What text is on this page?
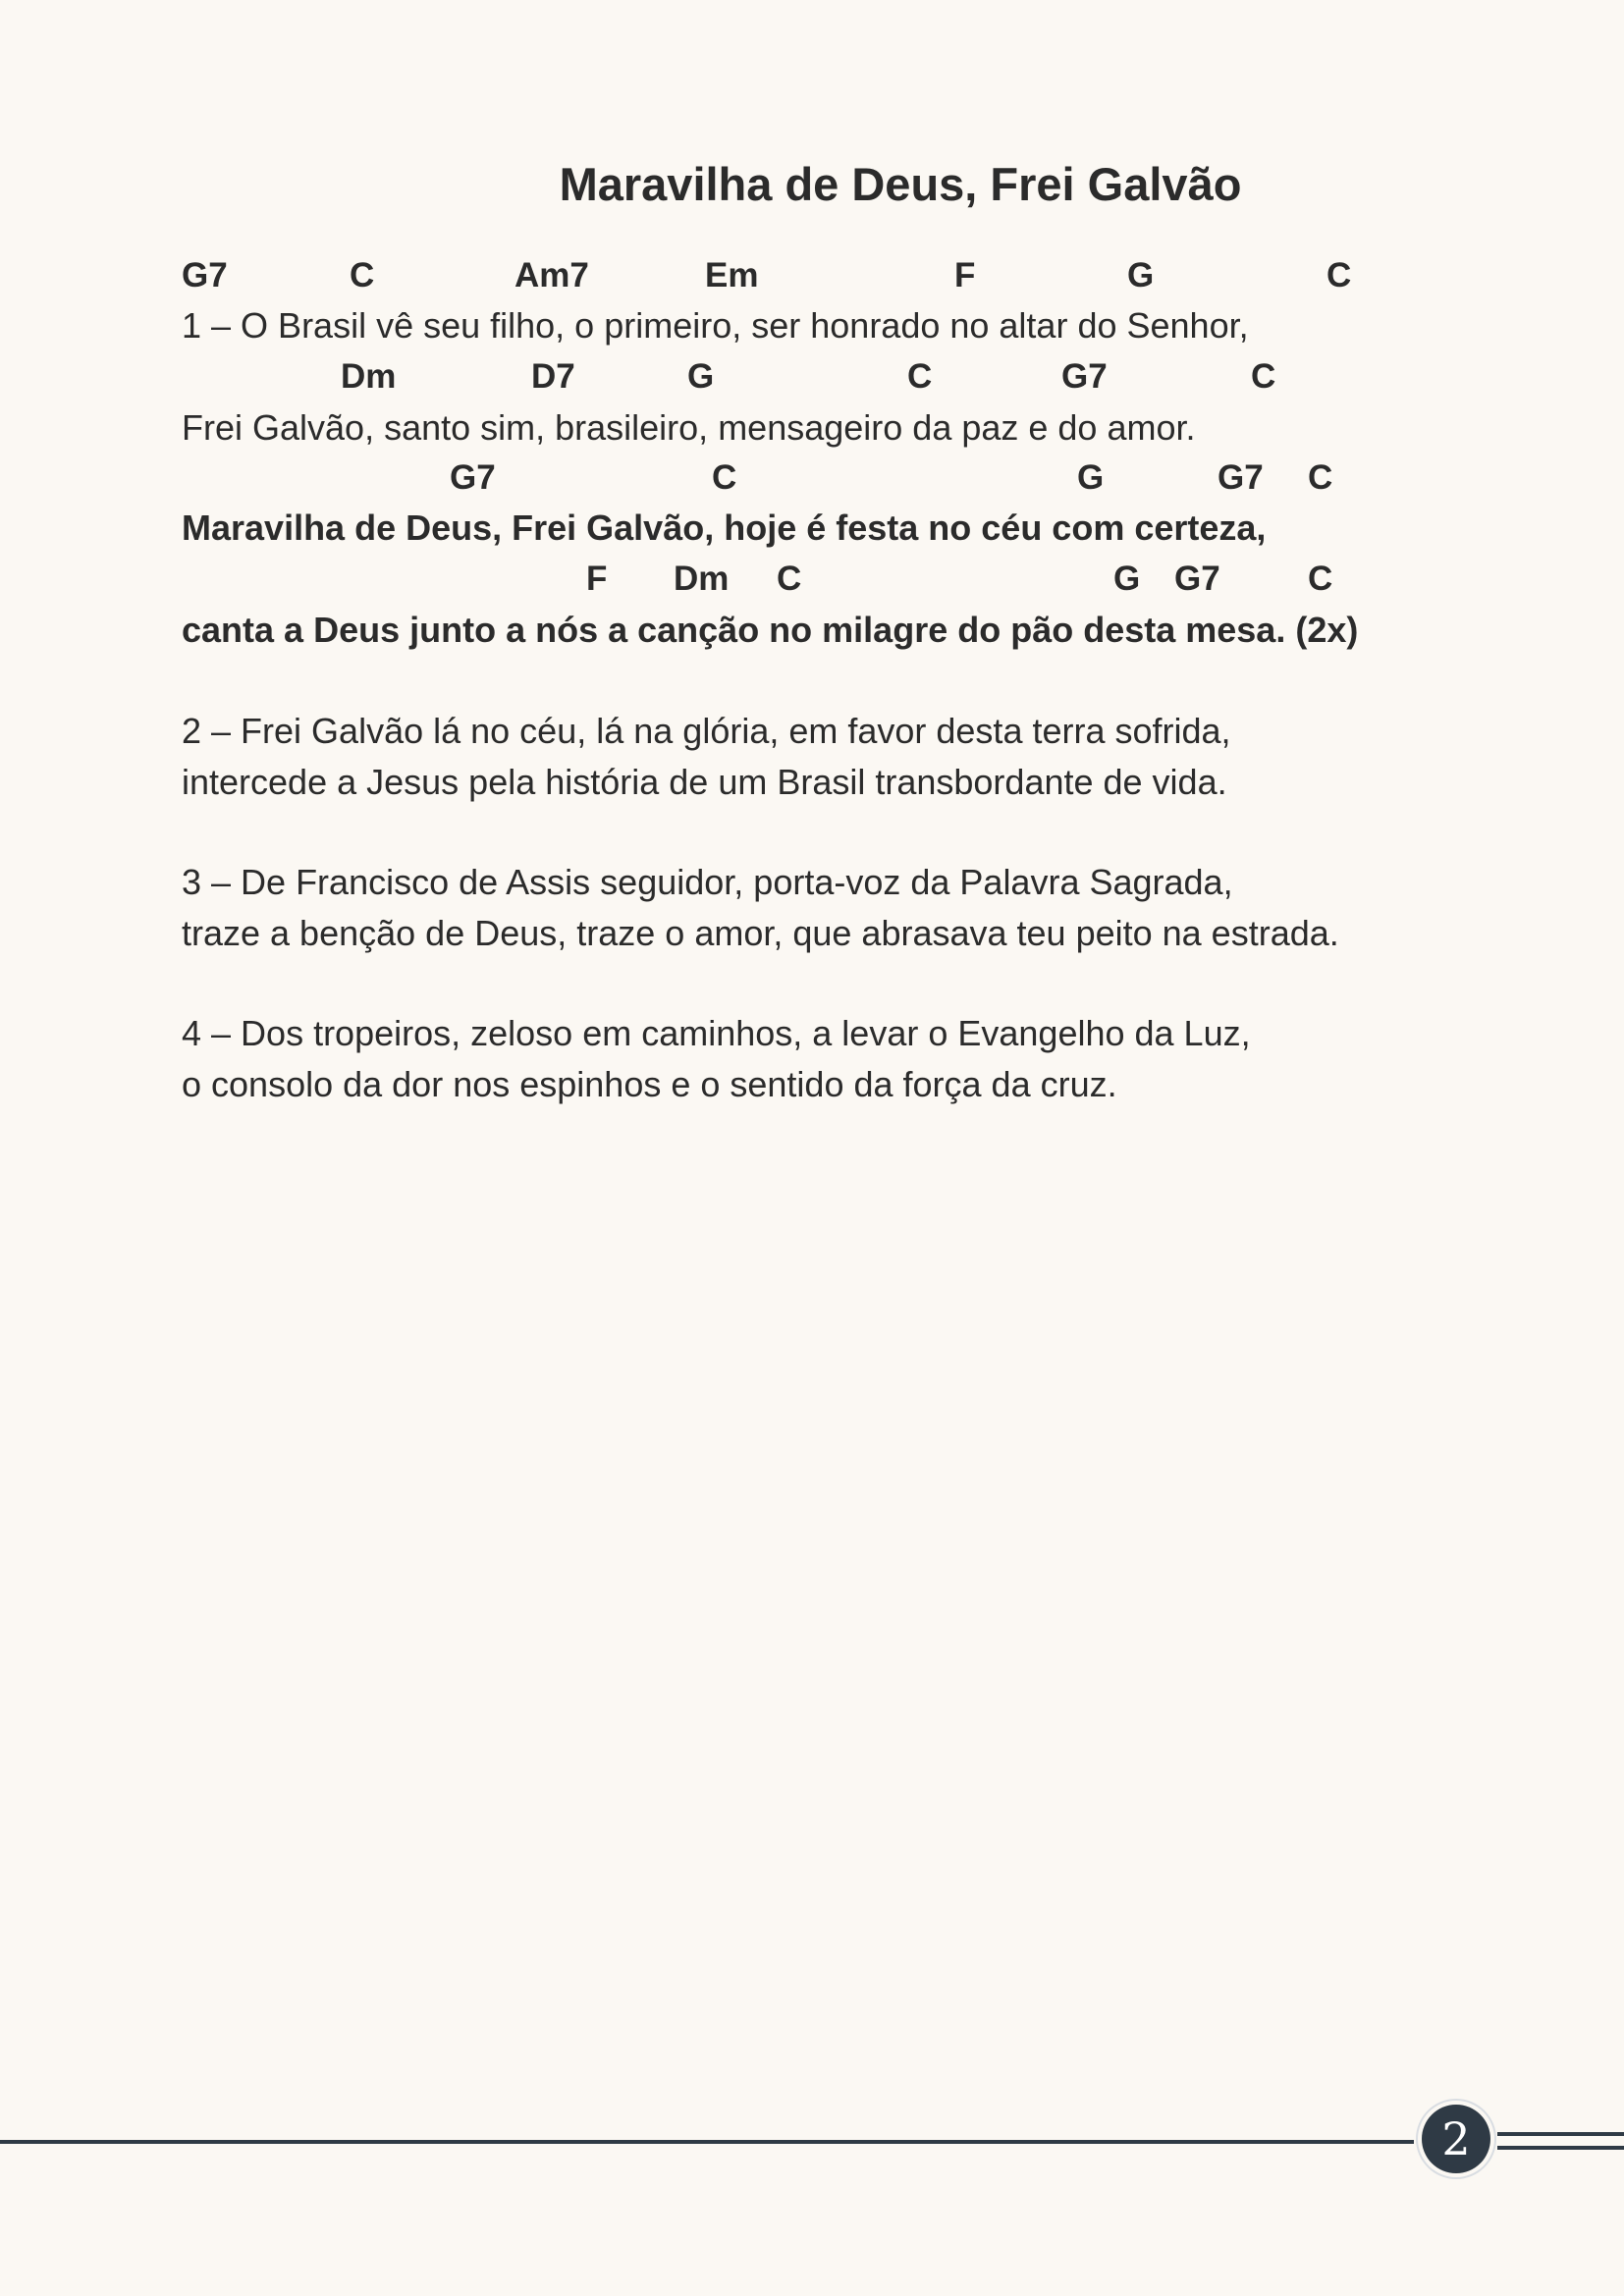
Maravilha de Deus, Frei Galvão
G7	C	Am7	Em	F	G	C
1 – O Brasil vê seu filho, o primeiro, ser honrado no altar do Senhor,
Dm	D7	G	C	G7	C
Frei Galvão, santo sim, brasileiro, mensageiro da paz e do amor.
G7	C	G	G7 C
Maravilha de Deus, Frei Galvão, hoje é festa no céu com certeza,
F Dm C	G G7	C
canta a Deus junto a nós a canção no milagre do pão desta mesa. (2x)
2 – Frei Galvão lá no céu, lá na glória, em favor desta terra sofrida,
intercede a Jesus pela história de um Brasil transbordante de vida.
3 – De Francisco de Assis seguidor, porta-voz da Palavra Sagrada,
traze a benção de Deus, traze o amor, que abrasava teu peito na estrada.
4 – Dos tropeiros, zeloso em caminhos, a levar o Evangelho da Luz,
o consolo da dor nos espinhos e o sentido da força da cruz.
2
